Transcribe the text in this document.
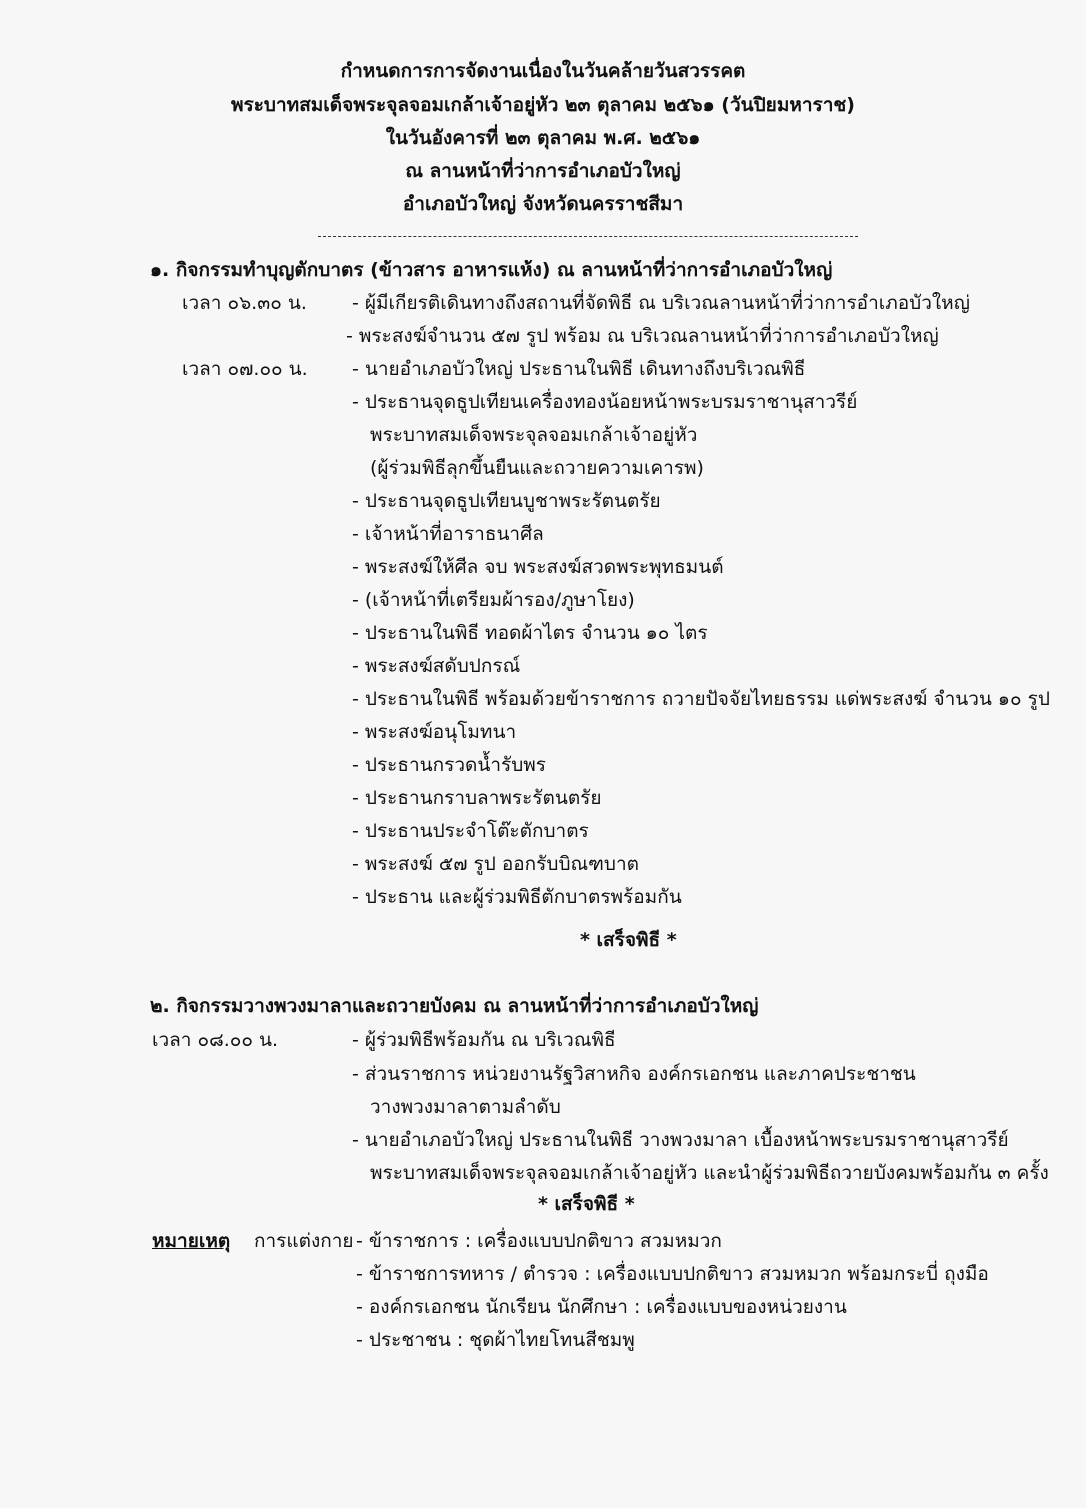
กำหนดการการจัดงานเนื่องในวันคล้ายวันสวรรคต
พระบาทสมเด็จพระจุลจอมเกล้าเจ้าอยู่หัว ๒๓ ตุลาคม ๒๕๖๑ (วันปิยมหาราช)
ในวันอังคารที่ ๒๓ ตุลาคม พ.ศ. ๒๕๖๑
ณ ลานหน้าที่ว่าการอำเภอบัวใหญ่
อำเภอบัวใหญ่ จังหวัดนครราชสีมา
๑. กิจกรรมทำบุญตักบาตร (ข้าวสาร อาหารแห้ง) ณ ลานหน้าที่ว่าการอำเภอบัวใหญ่
เวลา ๐๖.๓๐ น. - ผู้มีเกียรติเดินทางถึงสถานที่จัดพิธี ณ บริเวณลานหน้าที่ว่าการอำเภอบัวใหญ่
- พระสงฆ์จำนวน ๕๗ รูป พร้อม ณ บริเวณลานหน้าที่ว่าการอำเภอบัวใหญ่
เวลา ๐๗.๐๐ น. - นายอำเภอบัวใหญ่ ประธานในพิธี เดินทางถึงบริเวณพิธี
- ประธานจุดธูปเทียนเครื่องทองน้อยหน้าพระบรมราชานุสาวรีย์
พระบาทสมเด็จพระจุลจอมเกล้าเจ้าอยู่หัว
(ผู้ร่วมพิธีลุกขึ้นยืนและถวายความเคารพ)
- ประธานจุดธูปเทียนบูชาพระรัตนตรัย
- เจ้าหน้าที่อาราธนาศีล
- พระสงฆ์ให้ศีล จบ พระสงฆ์สวดพระพุทธมนต์
- (เจ้าหน้าที่เตรียมผ้ารอง/ภูษาโยง)
- ประธานในพิธี ทอดผ้าไตร จำนวน ๑๐ ไตร
- พระสงฆ์สดับปกรณ์
- ประธานในพิธี พร้อมด้วยข้าราชการ ถวายปัจจัยไทยธรรม แด่พระสงฆ์ จำนวน ๑๐ รูป
- พระสงฆ์อนุโมทนา
- ประธานกรวดน้ำรับพร
- ประธานกราบลาพระรัตนตรัย
- ประธานประจำโต๊ะตักบาตร
- พระสงฆ์ ๕๗ รูป ออกรับบิณฑบาต
- ประธาน และผู้ร่วมพิธีตักบาตรพร้อมกัน
* เสร็จพิธี *
๒. กิจกรรมวางพวงมาลาและถวายบังคม ณ ลานหน้าที่ว่าการอำเภอบัวใหญ่
เวลา ๐๘.๐๐ น.	- ผู้ร่วมพิธีพร้อมกัน ณ บริเวณพิธี
- ส่วนราชการ หน่วยงานรัฐวิสาหกิจ องค์กรเอกชน และภาคประชาชน
วางพวงมาลาตามลำดับ
- นายอำเภอบัวใหญ่ ประธานในพิธี วางพวงมาลา เบื้องหน้าพระบรมราชานุสาวรีย์
พระบาทสมเด็จพระจุลจอมเกล้าเจ้าอยู่หัว และนำผู้ร่วมพิธีถวายบังคมพร้อมกัน ๓ ครั้ง
* เสร็จพิธี *
หมายเหตุ การแต่งกาย - ข้าราชการ : เครื่องแบบปกติขาว สวมหมวก
- ข้าราชการทหาร / ตำรวจ : เครื่องแบบปกติขาว สวมหมวก พร้อมกระบี่ ถุงมือ
- องค์กรเอกชน นักเรียน นักศึกษา : เครื่องแบบของหน่วยงาน
- ประชาชน : ชุดผ้าไทยโทนสีชมพู
